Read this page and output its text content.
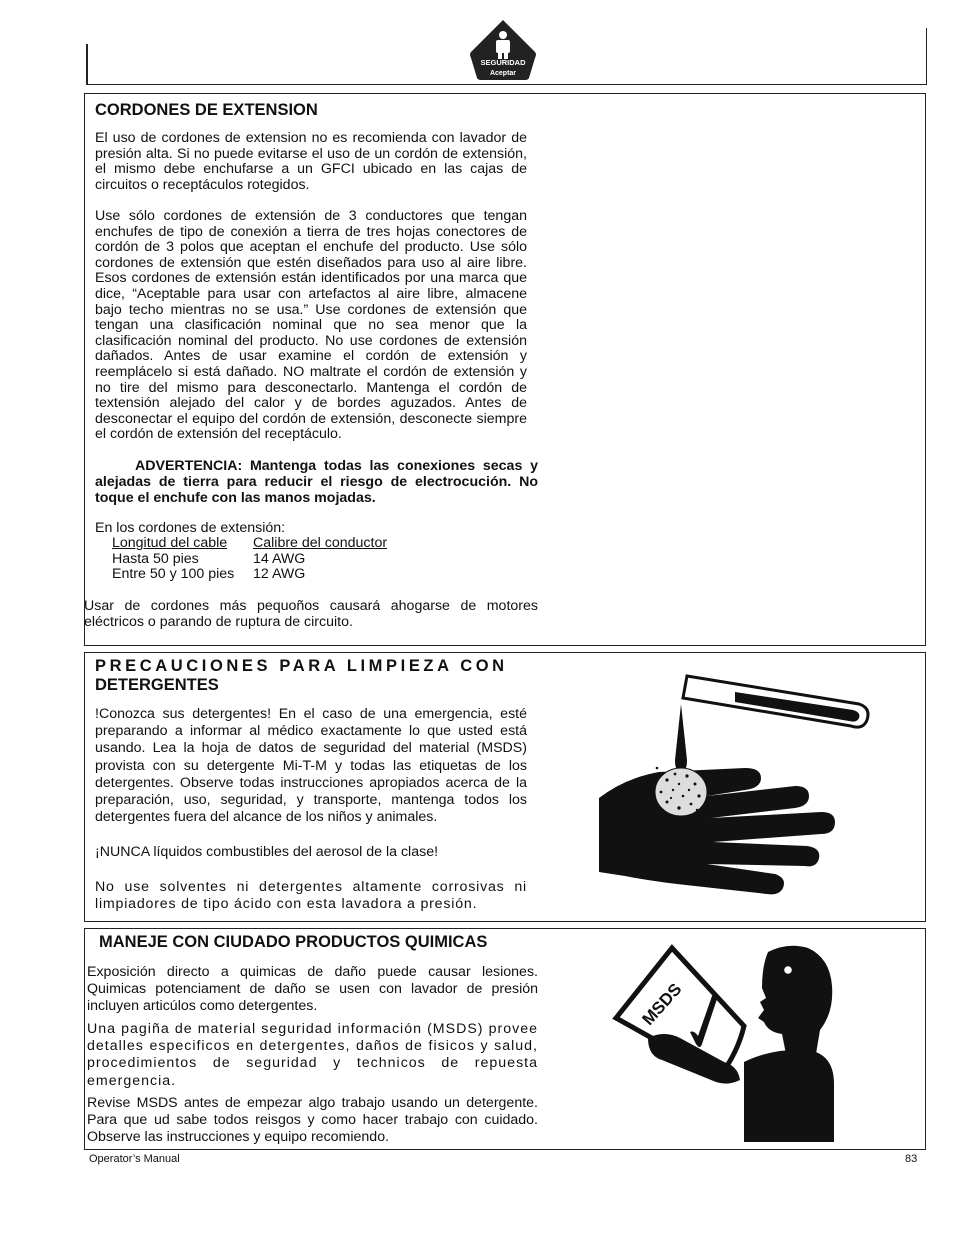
SEGURIDAD
Aceptar
CORDONES DE EXTENSION

El uso de cordones de extension no es recomienda con lavador de presión alta. Si no puede evitarse el uso de un cordón de extensión, el mismo debe enchufarse a un GFCI ubicado en las cajas de circuitos o receptáculos rotegidos.

Use sólo cordones de extensión de 3 conductores que tengan enchufes de tipo de conexión a tierra de tres hojas conectores de cordón de 3 polos que aceptan el enchufe del producto. Use sólo cordones de extensión que estén diseñados para uso al aire libre. Esos cordones de extensión están identificados por una marca que dice, “Aceptable para usar con artefactos al aire libre, almacene bajo techo mientras no se usa.” Use cordones de extensión que tengan una clasificación nominal que no sea menor que la clasificación nominal del producto. No use cordones de extensión dañados. Antes de usar examine el cordón de extensión y reemplácelo si está dañado. NO maltrate el cordón de extensión y no tire del mismo para desconectarlo. Mantenga el cordón de textensión alejado del calor y de bordes aguzados. Antes de desconectar el equipo del cordón de extensión, desconecte siempre el cordón de extensión del receptáculo.

ADVERTENCIA: Mantenga todas las conexiones secas y alejadas de tierra para reducir el riesgo de electrocución. No toque el enchufe con las manos mojadas.

En los cordones de extensión:
Longitud del cable	Calibre del conductor
Hasta 50 pies	14 AWG
Entre 50 y 100 pies	12 AWG

Usar de cordones más pequoños causará ahogarse de motores eléctricos o parando de ruptura de circuito.

PRECAUCIONES PARA LIMPIEZA CON
DETERGENTES

!Conozca sus detergentes! En el caso de una emergencia, esté preparando a informar al médico exactamente lo que usted está usando. Lea la hoja de datos de seguridad del material (MSDS) provista con su detergente Mi-T-M y todas las etiquetas de los detergentes. Observe todas instrucciones apropiados acerca de la preparación, uso, seguridad, y transporte, mantenga todos los detergentes fuera del alcance de los niños y animales.

¡NUNCA líquidos combustibles del aerosol de la clase!

No use solventes ni detergentes altamente corrosivas ni limpiadores de tipo ácido con esta lavadora a presión.

MANEJE CON CIUDADO PRODUCTOS QUIMICAS

Exposición directo a quimicas de daño puede causar lesiones. Quimicas potenciament de daño se usen con lavador de presión incluyen articúlos como detergentes.

Una pagiña de material seguridad información (MSDS) provee detalles especificos en detergentes, daños de fisicos y salud, procedimientos de seguridad y technicos de repuesta emergencia.

Revise MSDS antes de empezar algo trabajo usando un detergente. Para que ud sabe todos reisgos y como hacer trabajo con cuidado. Observe las instrucciones y equipo recomiendo.

MSDS
Operator’s Manual	83
